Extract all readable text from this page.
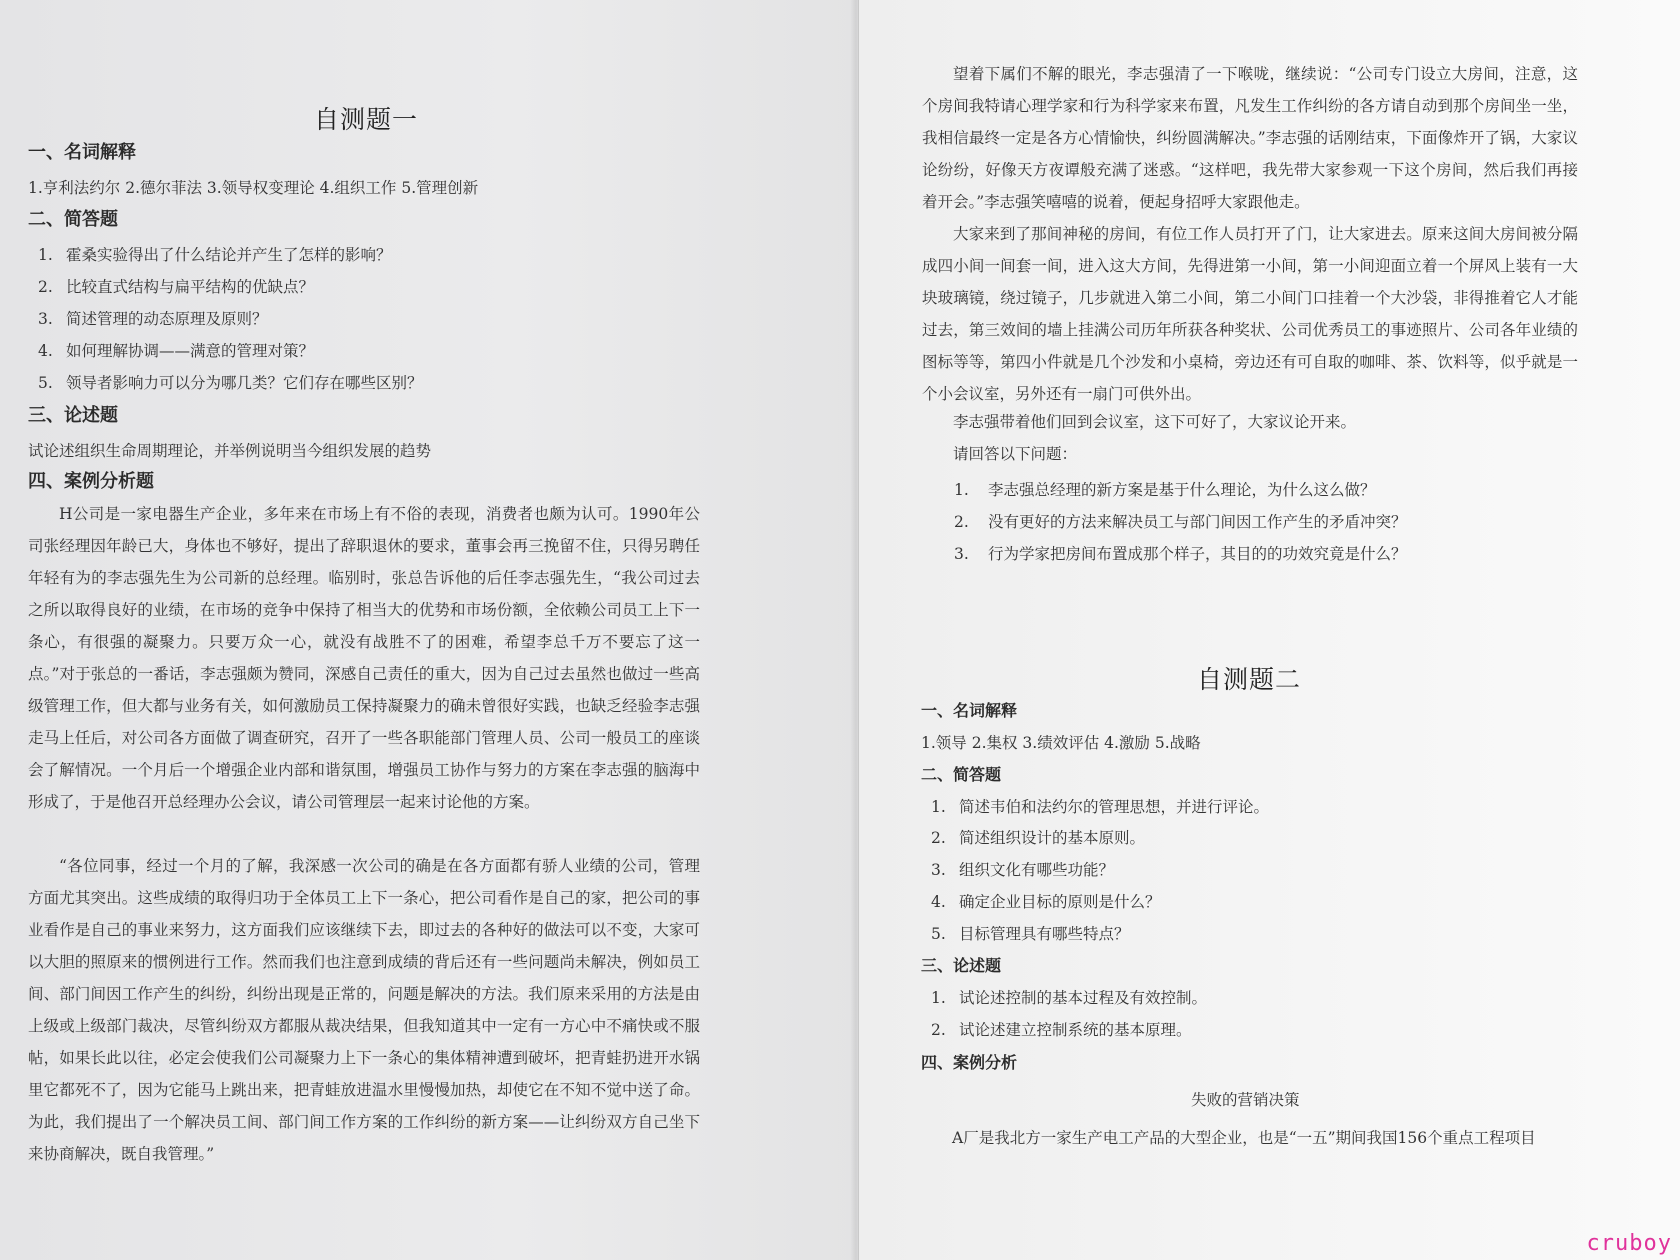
自测题一
一、名词解释
1.亨利法约尔 2.德尔菲法 3.领导权变理论 4.组织工作 5.管理创新
二、简答题
1. 霍桑实验得出了什么结论并产生了怎样的影响？
2. 比较直式结构与扁平结构的优缺点？
3. 简述管理的动态原理及原则？
4. 如何理解协调——满意的管理对策？
5. 领导者影响力可以分为哪几类？它们存在哪些区别？
三、论述题
试论述组织生命周期理论，并举例说明当今组织发展的趋势
四、案例分析题
H公司是一家电器生产企业，多年来在市场上有不俗的表现，消费者也颇为认可。1990年公司张经理因年龄已大，身体也不够好，提出了辞职退休的要求，董事会再三挽留不住，只得另聘任年轻有为的李志强先生为公司新的总经理。临别时，张总告诉他的后任李志强先生，“我公司过去之所以取得良好的业绩，在市场的竞争中保持了相当大的优势和市场份额，全依赖公司员工上下一条心，有很强的凝聚力。只要万众一心，就没有战胜不了的困难，希望李总千万不要忘了这一点。”对于张总的一番话，李志强颇为赞同，深感自己责任的重大，因为自己过去虽然也做过一些高级管理工作，但大都与业务有关，如何激励员工保持凝聚力的确未曾很好实践，也缺乏经验李志强走马上任后，对公司各方面做了调查研究，召开了一些各职能部门管理人员、公司一般员工的座谈会了解情况。一个月后一个增强企业内部和谐氛围，增强员工协作与努力的方案在李志强的脑海中形成了，于是他召开总经理办公会议，请公司管理层一起来讨论他的方案。
“各位同事，经过一个月的了解，我深感一次公司的确是在各方面都有骄人业绩的公司，管理方面尤其突出。这些成绩的取得归功于全体员工上下一条心，把公司看作是自己的家，把公司的事业看作是自己的事业来努力，这方面我们应该继续下去，即过去的各种好的做法可以不变，大家可以大胆的照原来的惯例进行工作。然而我们也注意到成绩的背后还有一些问题尚未解决，例如员工间、部门间因工作产生的纠纷，纠纷出现是正常的，问题是解决的方法。我们原来采用的方法是由上级或上级部门裁决，尽管纠纷双方都服从裁决结果，但我知道其中一定有一方心中不痛快或不服帖，如果长此以往，必定会使我们公司凝聚力上下一条心的集体精神遭到破坏，把青蛙扔进开水锅里它都死不了，因为它能马上跳出来，把青蛙放进温水里慢慢加热，却使它在不知不觉中送了命。为此，我们提出了一个解决员工间、部门间工作方案的工作纠纷的新方案——让纠纷双方自己坐下来协商解决，既自我管理。”
望着下属们不解的眼光，李志强清了一下喉咙，继续说：“公司专门设立大房间，注意，这个房间我特请心理学家和行为科学家来布置，凡发生工作纠纷的各方请自动到那个房间坐一坐，我相信最终一定是各方心情愉快，纠纷圆满解决。”李志强的话刚结束，下面像炸开了锅，大家议论纷纷，好像天方夜谭般充满了迷惑。“这样吧，我先带大家参观一下这个房间，然后我们再接着开会。”李志强笑嘻嘻的说着，便起身招呼大家跟他走。
大家来到了那间神秘的房间，有位工作人员打开了门，让大家进去。原来这间大房间被分隔成四小间一间套一间，进入这大方间，先得进第一小间，第一小间迎面立着一个屏风上装有一大块玻璃镜，绕过镜子，几步就进入第二小间，第二小间门口挂着一个大沙袋，非得推着它人才能过去，第三效间的墙上挂满公司历年所获各种奖状、公司优秀员工的事迹照片、公司各年业绩的图标等等，第四小件就是几个沙发和小桌椅，旁边还有可自取的咖啡、茶、饮料等，似乎就是一个小会议室，另外还有一扇门可供外出。
李志强带着他们回到会议室，这下可好了，大家议论开来。
请回答以下问题：
1. 李志强总经理的新方案是基于什么理论，为什么这么做？
2. 没有更好的方法来解决员工与部门间因工作产生的矛盾冲突？
3. 行为学家把房间布置成那个样子，其目的的功效究竟是什么？
自测题二
一、名词解释
1.领导 2.集权 3.绩效评估 4.激励 5.战略
二、简答题
1. 简述韦伯和法约尔的管理思想，并进行评论。
2. 简述组织设计的基本原则。
3. 组织文化有哪些功能？
4. 确定企业目标的原则是什么？
5. 目标管理具有哪些特点？
三、论述题
1. 试论述控制的基本过程及有效控制。
2. 试论述建立控制系统的基本原理。
四、案例分析
失败的营销决策
A厂是我北方一家生产电工产品的大型企业，也是“一五”期间我国156个重点工程项目
cruboy
